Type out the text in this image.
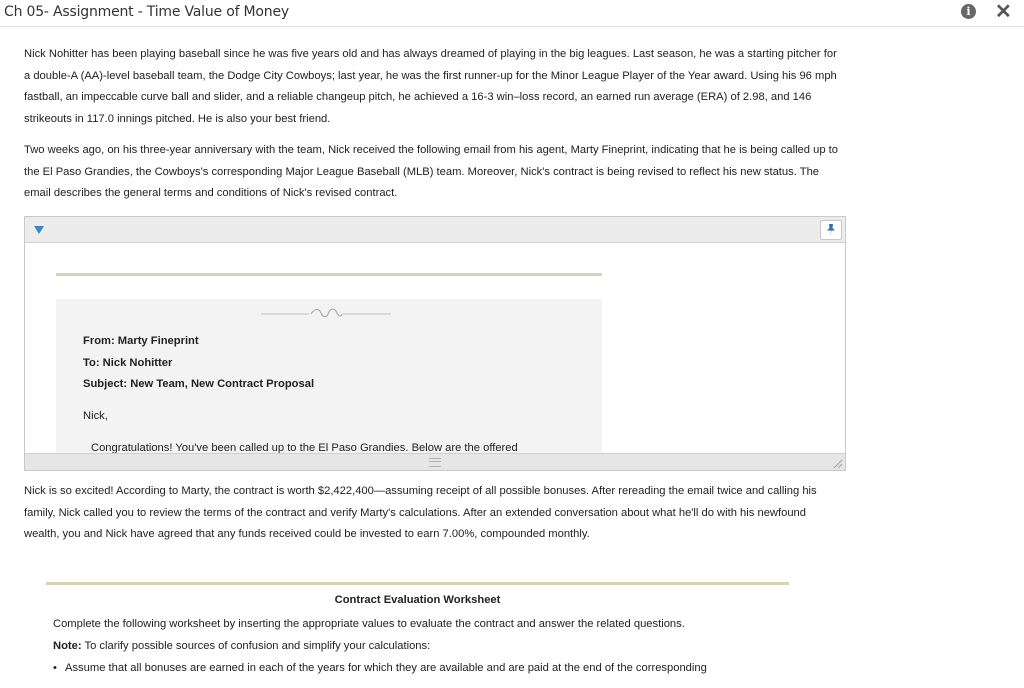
Ch 05- Assignment - Time Value of Money	i ✕

Nick Nohitter has been playing baseball since he was five years old and has always dreamed of playing in the big leagues. Last season, he was a starting pitcher for a double-A (AA)-level baseball team, the Dodge City Cowboys; last year, he was the first runner-up for the Minor League Player of the Year award. Using his 96 mph fastball, an impeccable curve ball and slider, and a reliable changeup pitch, he achieved a 16-3 win–loss record, an earned run average (ERA) of 2.98, and 146 strikeouts in 117.0 innings pitched. He is also your best friend.

Two weeks ago, on his three-year anniversary with the team, Nick received the following email from his agent, Marty Fineprint, indicating that he is being called up to the El Paso Grandies, the Cowboys's corresponding Major League Baseball (MLB) team. Moreover, Nick's contract is being revised to reflect his new status. The email describes the general terms and conditions of Nick's revised contract.

From: Marty Fineprint
To: Nick Nohitter
Subject: New Team, New Contract Proposal
Nick,
Congratulations! You've been called up to the El Paso Grandies. Below are the offered

Nick is so excited! According to Marty, the contract is worth $2,422,400—assuming receipt of all possible bonuses. After rereading the email twice and calling his family, Nick called you to review the terms of the contract and verify Marty's calculations. After an extended conversation about what he'll do with his newfound wealth, you and Nick have agreed that any funds received could be invested to earn 7.00%, compounded monthly.

Contract Evaluation Worksheet
Complete the following worksheet by inserting the appropriate values to evaluate the contract and answer the related questions.
Note: To clarify possible sources of confusion and simplify your calculations:
• Assume that all bonuses are earned in each of the years for which they are available and are paid at the end of the corresponding
